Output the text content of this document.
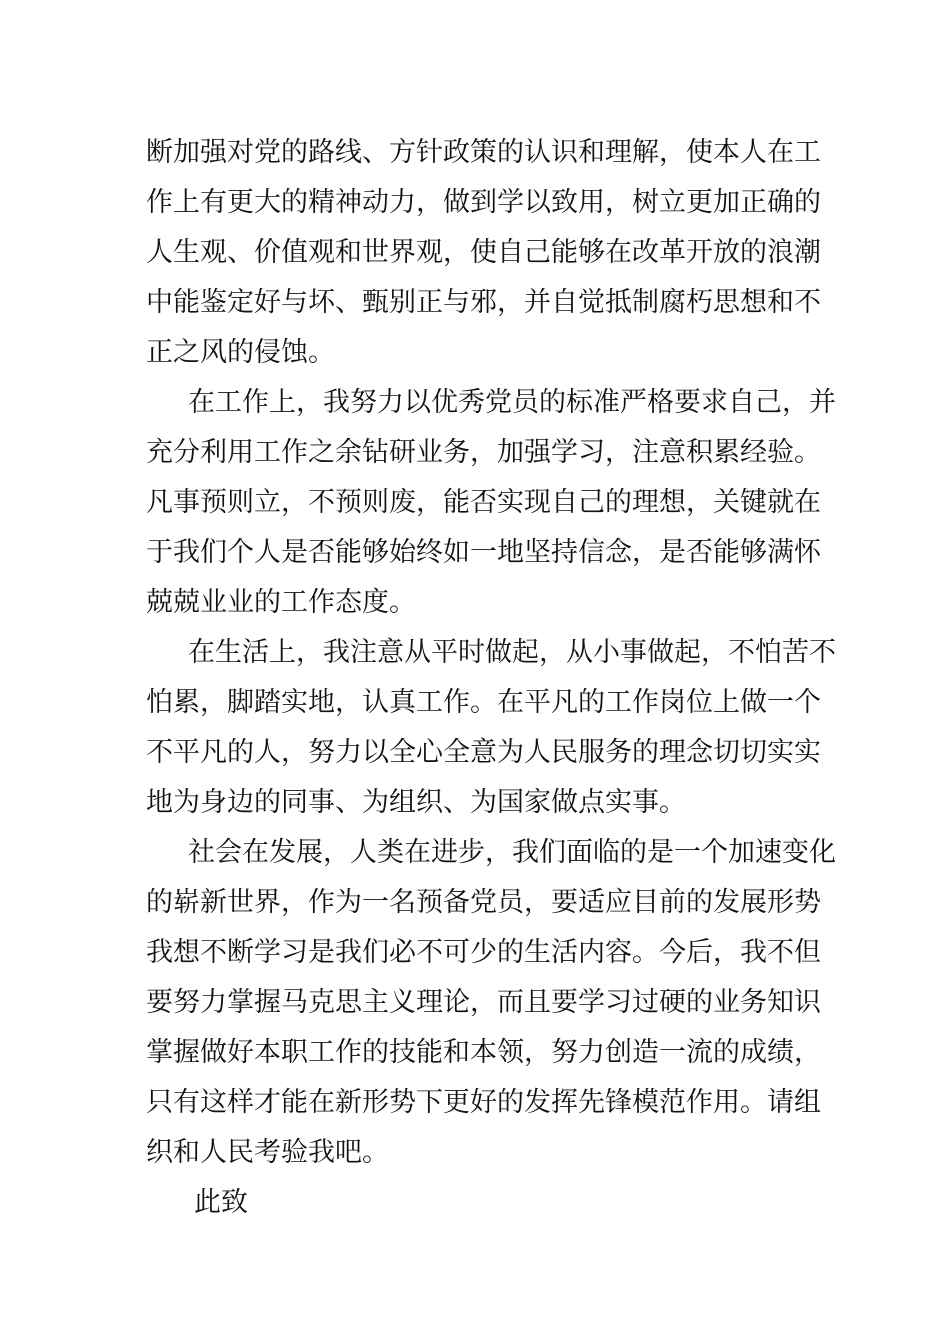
断加强对党的路线、方针政策的认识和理解，使本人在工
作上有更大的精神动力，做到学以致用，树立更加正确的
人生观、价值观和世界观，使自己能够在改革开放的浪潮
中能鉴定好与坏、甄别正与邪，并自觉抵制腐朽思想和不
正之风的侵蚀。
在工作上，我努力以优秀党员的标准严格要求自己，并
充分利用工作之余钻研业务，加强学习，注意积累经验。
凡事预则立，不预则废，能否实现自己的理想，关键就在
于我们个人是否能够始终如一地坚持信念，是否能够满怀
兢兢业业的工作态度。
在生活上，我注意从平时做起，从小事做起，不怕苦不
怕累，脚踏实地，认真工作。在平凡的工作岗位上做一个
不平凡的人，努力以全心全意为人民服务的理念切切实实
地为身边的同事、为组织、为国家做点实事。
社会在发展，人类在进步，我们面临的是一个加速变化
的崭新世界，作为一名预备党员，要适应目前的发展形势
我想不断学习是我们必不可少的生活内容。今后，我不但
要努力掌握马克思主义理论，而且要学习过硬的业务知识
掌握做好本职工作的技能和本领，努力创造一流的成绩，
只有这样才能在新形势下更好的发挥先锋模范作用。请组
织和人民考验我吧。
此致
